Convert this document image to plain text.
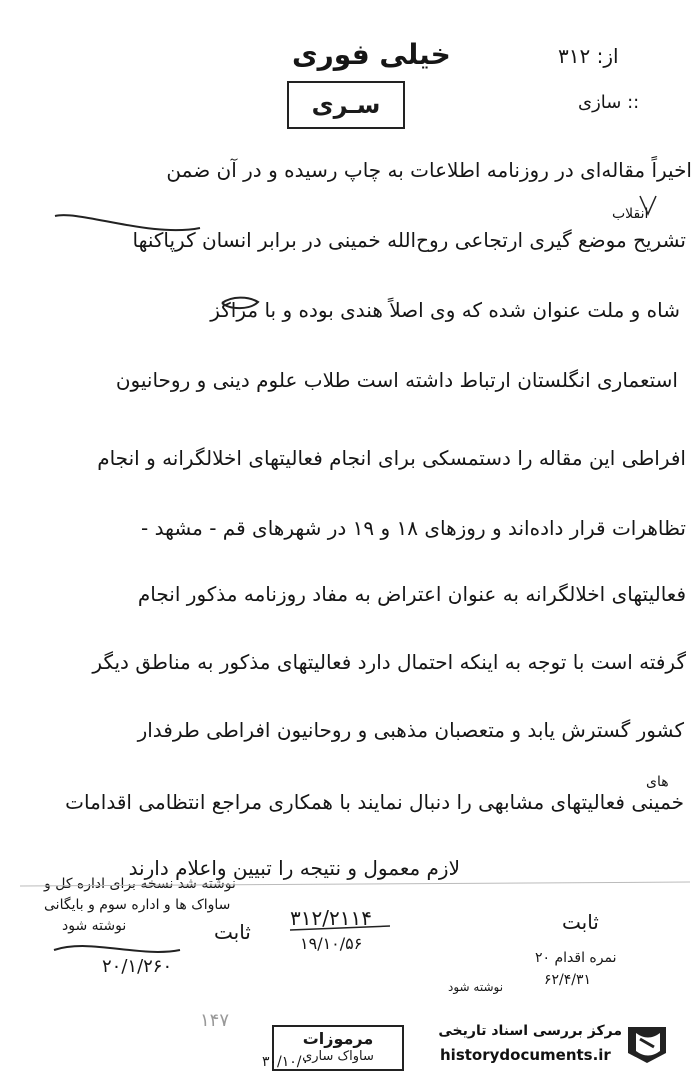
از: ۳۱۲
:: سازی
خیلی فوری
سـری
انقلاب
اخیراً مقاله‌ای در روزنامه اطلاعات به چاپ رسیده و در آن ضمن
تشریح موضع گیری ارتجاعی روح‌الله خمینی در برابر انسان کرپاکنها
شاه و ملت عنوان شده که وی اصلاً هندی بوده و با مراکز
استعماری انگلستان ارتباط داشته است طلاب علوم دینی و روحانیون
افراطی این مقاله را دستمسکی برای انجام فعالیتهای اخلالگرانه و انجام
تظاهرات قرار داده‌اند و روزهای ۱۸ و ۱۹ در شهرهای قم - مشهد -
فعالیتهای اخلالگرانه به عنوان اعتراض به مفاد روزنامه مذکور انجام
گرفته است با توجه به اینکه احتمال دارد فعالیتهای مذکور به مناطق دیگر
کشور گسترش یابد و متعصبان مذهبی و روحانیون افراطی طرفدار
های
خمینی فعالیتهای مشابهی را دنبال نمایند با همکاری مراجع انتظامی اقدامات
لازم معمول و نتیجه را تبیین واعلام دارند
نوشته شد نسخه برای اداره کل و
ساواک ها و اداره سوم و بایگانی
نوشته شود	۳۱۲/۲۱۱۴
۱۹/۱۰/۵۶
ثابت	ثابت
۲۰/۱/۲۶۰
نوشته شود
نمره اقدام ۲۰
۶۲/۴/۳۱
۱۴۷
مرموزات
ساواک ساری
۳۰/۱۰/۰
مرکز بررسی اسناد تاریخی
historydocuments.ir
